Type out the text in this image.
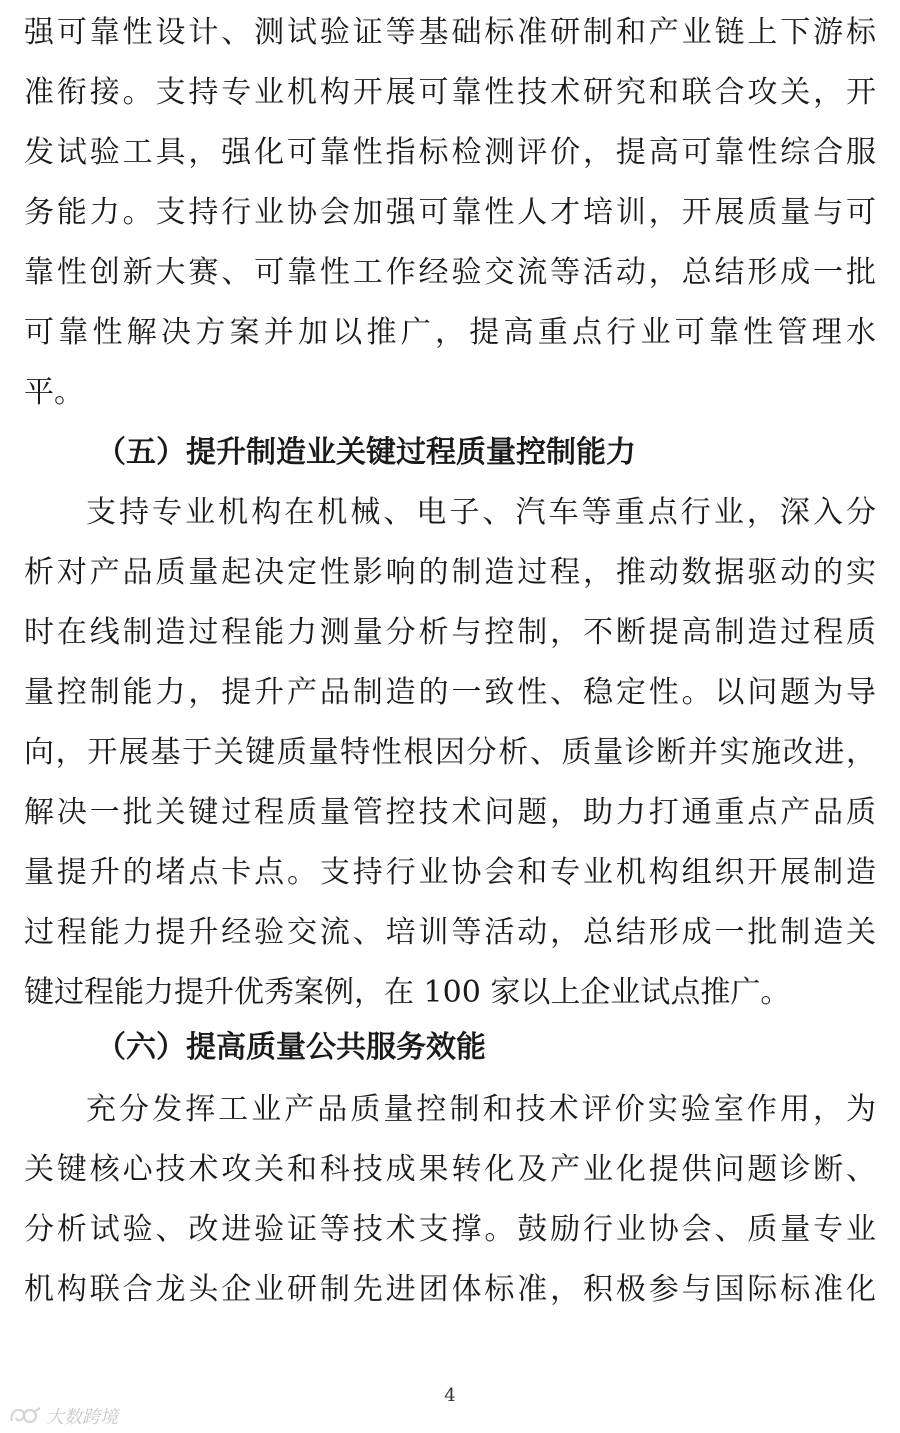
强可靠性设计、测试验证等基础标准研制和产业链上下游标

准衔接。支持专业机构开展可靠性技术研究和联合攻关，开

发试验工具，强化可靠性指标检测评价，提高可靠性综合服

务能力。支持行业协会加强可靠性人才培训，开展质量与可

靠性创新大赛、可靠性工作经验交流等活动，总结形成一批

可靠性解决方案并加以推广，提高重点行业可靠性管理水

平。

（五）提升制造业关键过程质量控制能力

支持专业机构在机械、电子、汽车等重点行业，深入分

析对产品质量起决定性影响的制造过程，推动数据驱动的实

时在线制造过程能力测量分析与控制，不断提高制造过程质

量控制能力，提升产品制造的一致性、稳定性。以问题为导

向，开展基于关键质量特性根因分析、质量诊断并实施改进，

解决一批关键过程质量管控技术问题，助力打通重点产品质

量提升的堵点卡点。支持行业协会和专业机构组织开展制造

过程能力提升经验交流、培训等活动，总结形成一批制造关

键过程能力提升优秀案例，在 100 家以上企业试点推广。

（六）提高质量公共服务效能

充分发挥工业产品质量控制和技术评价实验室作用，为

关键核心技术攻关和科技成果转化及产业化提供问题诊断、

分析试验、改进验证等技术支撑。鼓励行业协会、质量专业

机构联合龙头企业研制先进团体标准，积极参与国际标准化

4
大数跨境
